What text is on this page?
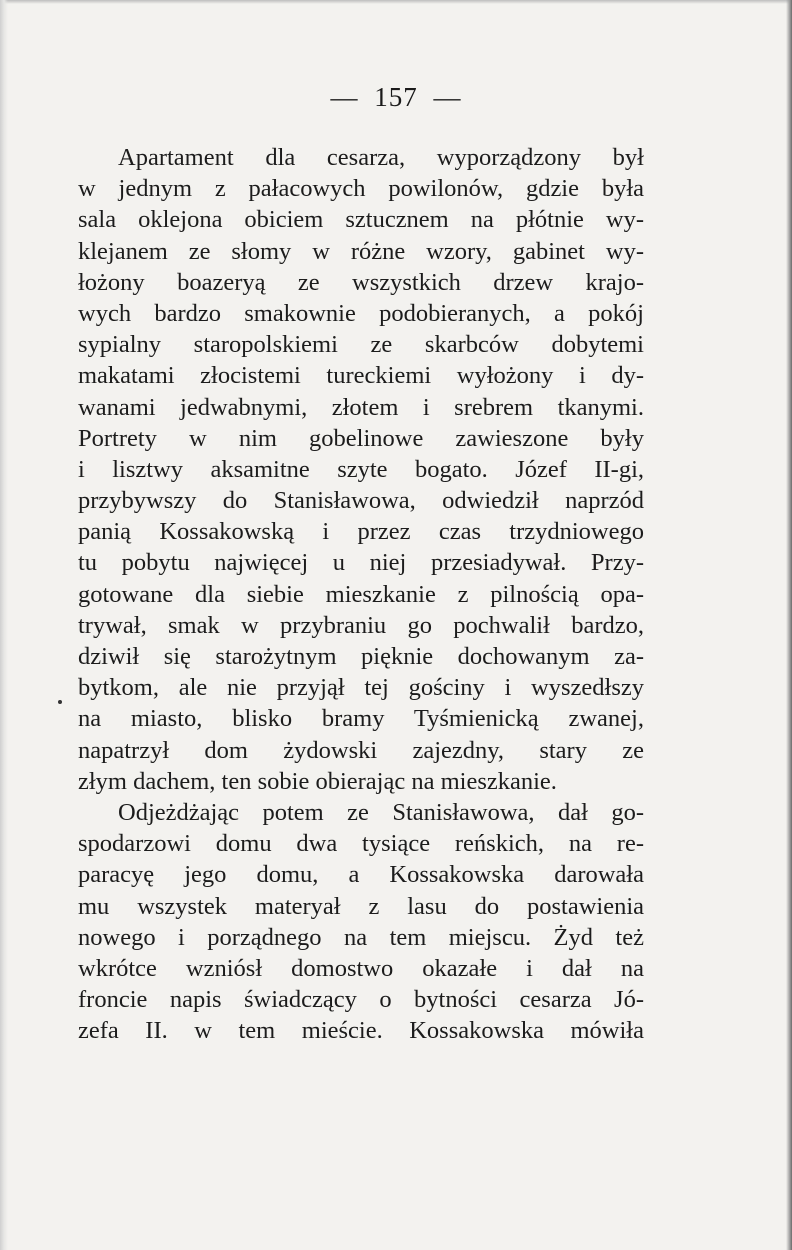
— 157 —
Apartament dla cesarza, wyporządzony był
w jednym z pałacowych powilonów, gdzie była
sala oklejona obiciem sztucznem na płótnie wy-
klejanem ze słomy w różne wzory, gabinet wy-
łożony boazeryą ze wszystkich drzew krajo-
wych bardzo smakownie podobieranych, a pokój
sypialny staropolskiemi ze skarbców dobytemi
makatami złocistemi tureckiemi wyłożony i dy-
wanami jedwabnymi, złotem i srebrem tkanymi.
Portrety w nim gobelinowe zawieszone były
i lisztwy aksamitne szyte bogato. Józef II-gi,
przybywszy do Stanisławowa, odwiedził naprzód
panią Kossakowską i przez czas trzydniowego
tu pobytu najwięcej u niej przesiadywał. Przy-
gotowane dla siebie mieszkanie z pilnością opa-
trywał, smak w przybraniu go pochwalił bardzo,
dziwił się starożytnym pięknie dochowanym za-
bytkom, ale nie przyjął tej gościny i wyszedłszy
na miasto, blisko bramy Tyśmienicką zwanej,
napatrzył dom żydowski zajezdny, stary ze
złym dachem, ten sobie obierając na mieszkanie.
Odjeżdżając potem ze Stanisławowa, dał go-
spodarzowi domu dwa tysiące reńskich, na re-
paracyę jego domu, a Kossakowska darowała
mu wszystek materyał z lasu do postawienia
nowego i porządnego na tem miejscu. Żyd też
wkrótce wzniósł domostwo okazałe i dał na
froncie napis świadczący o bytności cesarza Jó-
zefa II. w tem mieście. Kossakowska mówiła
